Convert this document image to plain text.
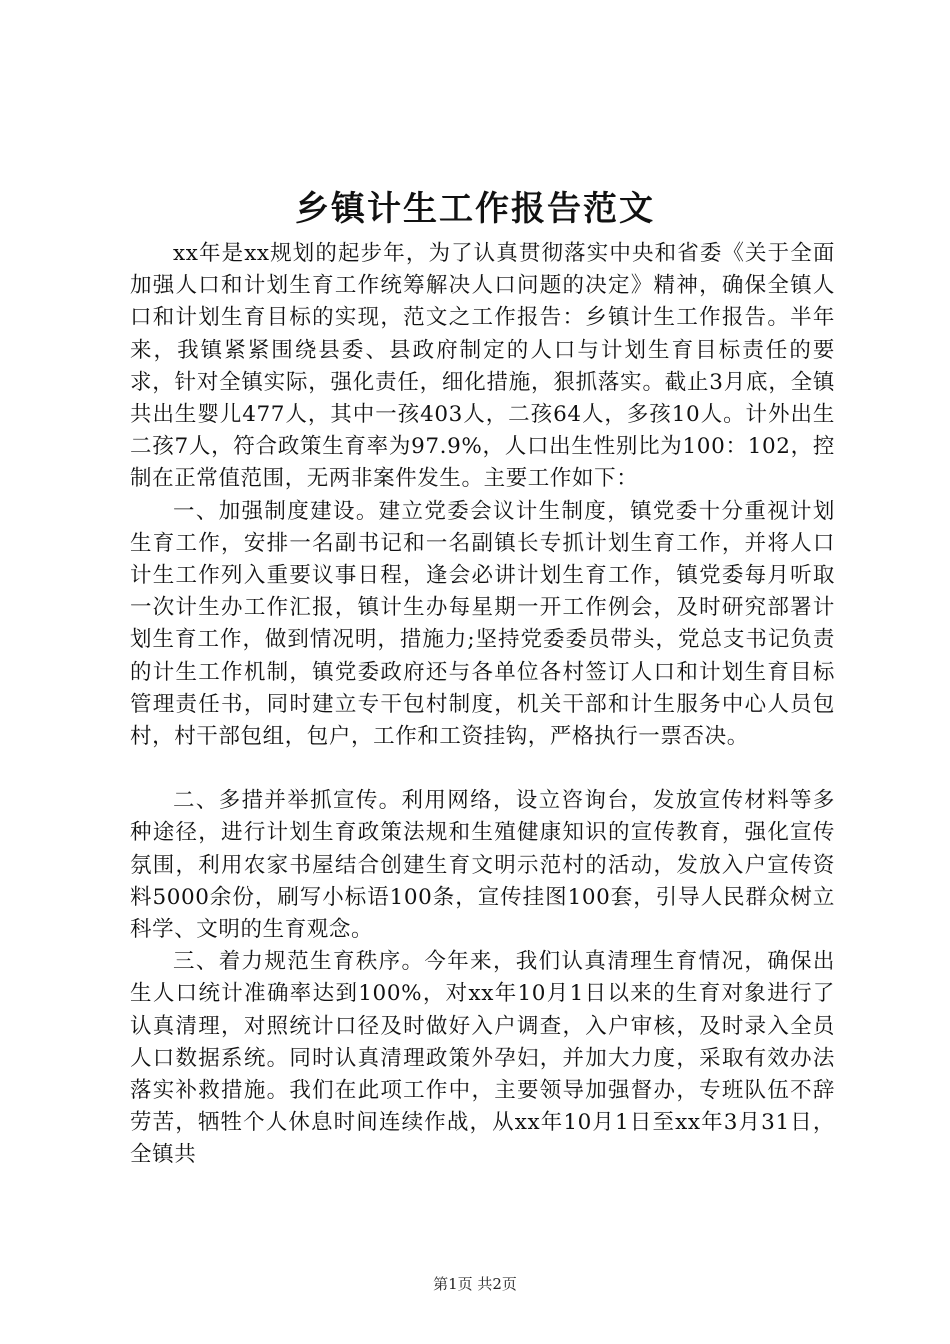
乡镇计生工作报告范文

xx年是xx规划的起步年，为了认真贯彻落实中央和省委《关于全面加强人口和计划生育工作统筹解决人口问题的决定》精神，确保全镇人口和计划生育目标的实现，范文之工作报告：乡镇计生工作报告。半年来，我镇紧紧围绕县委、县政府制定的人口与计划生育目标责任的要求，针对全镇实际，强化责任，细化措施，狠抓落实。截止3月底，全镇共出生婴儿477人，其中一孩403人，二孩64人，多孩10人。计外出生二孩7人，符合政策生育率为97.9%，人口出生性别比为100：102，控制在正常值范围，无两非案件发生。主要工作如下：

一、加强制度建设。建立党委会议计生制度，镇党委十分重视计划生育工作，安排一名副书记和一名副镇长专抓计划生育工作，并将人口计生工作列入重要议事日程，逢会必讲计划生育工作，镇党委每月听取一次计生办工作汇报，镇计生办每星期一开工作例会，及时研究部署计划生育工作，做到情况明，措施力;坚持党委委员带头，党总支书记负责的计生工作机制，镇党委政府还与各单位各村签订人口和计划生育目标管理责任书，同时建立专干包村制度，机关干部和计生服务中心人员包村，村干部包组，包户，工作和工资挂钩，严格执行一票否决。

二、多措并举抓宣传。利用网络，设立咨询台，发放宣传材料等多种途径，进行计划生育政策法规和生殖健康知识的宣传教育，强化宣传氛围，利用农家书屋结合创建生育文明示范村的活动，发放入户宣传资料5000余份，刷写小标语100条，宣传挂图100套，引导人民群众树立科学、文明的生育观念。

三、着力规范生育秩序。今年来，我们认真清理生育情况，确保出生人口统计准确率达到100%，对xx年10月1日以来的生育对象进行了认真清理，对照统计口径及时做好入户调查，入户审核，及时录入全员人口数据系统。同时认真清理政策外孕妇，并加大力度，采取有效办法落实补救措施。我们在此项工作中，主要领导加强督办，专班队伍不辞劳苦，牺牲个人休息时间连续作战，从xx年10月1日至xx年3月31日，全镇共

第1页 共2页
